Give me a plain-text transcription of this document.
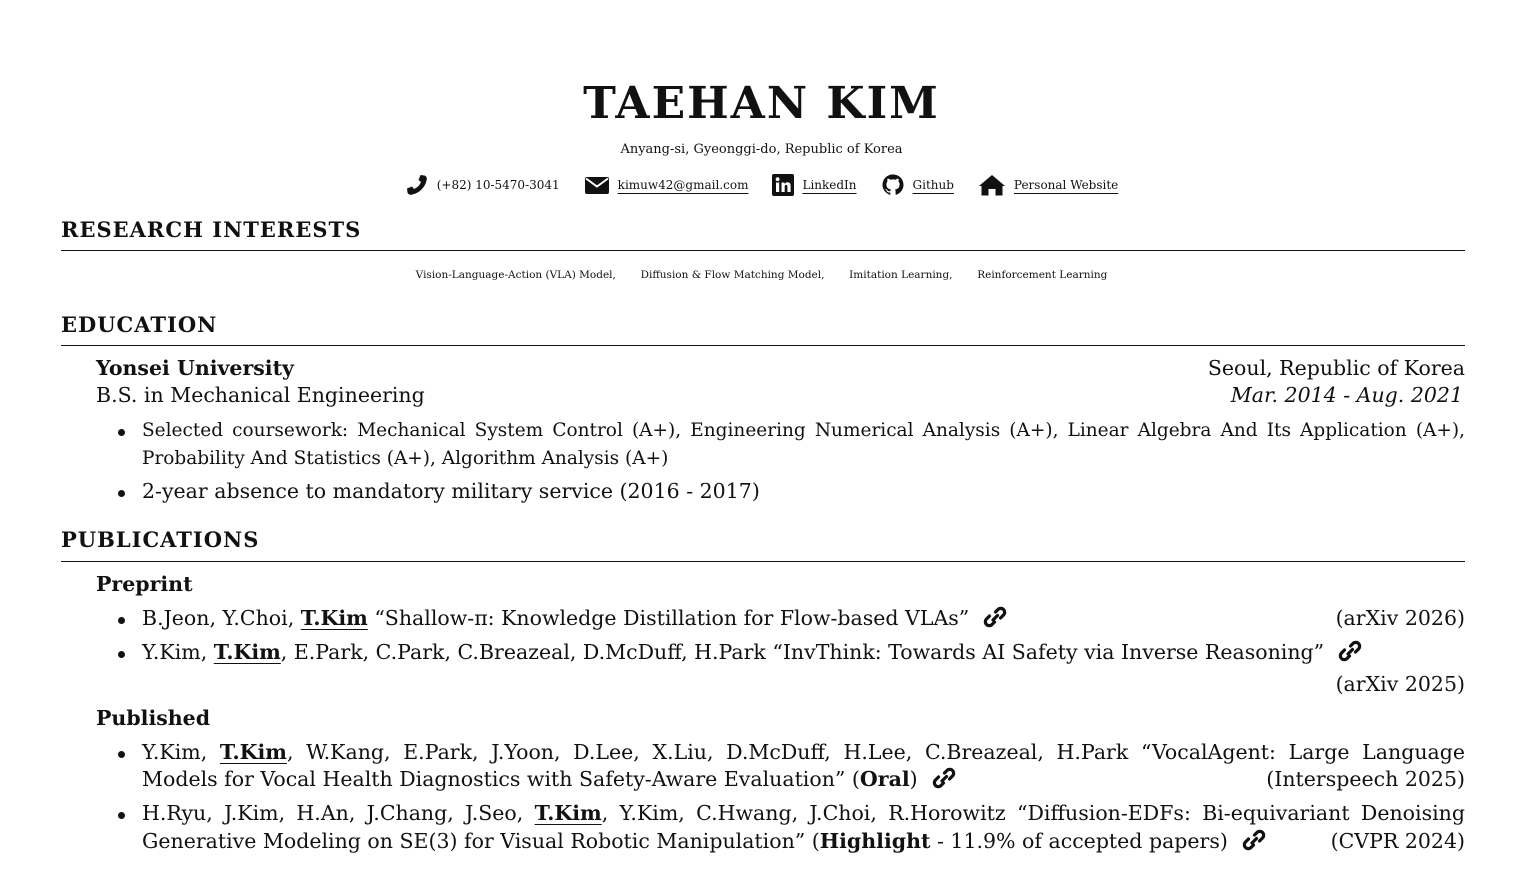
TAEHAN KIM
Anyang-si, Gyeonggi-do, Republic of Korea
(+82) 10-5470-3041	kimuw42@gmail.com	LinkedIn	Github	Personal Website
RESEARCH INTERESTS
Vision-Language-Action (VLA) Model, Diffusion & Flow Matching Model, Imitation Learning, Reinforcement Learning
EDUCATION
Yonsei University	Seoul, Republic of Korea
B.S. in Mechanical Engineering	Mar. 2014 - Aug. 2021
Selected coursework: Mechanical System Control (A+), Engineering Numerical Analysis (A+), Linear Algebra And Its Application (A+),
Probability And Statistics (A+), Algorithm Analysis (A+)
2-year absence to mandatory military service (2016 - 2017)
PUBLICATIONS
Preprint
B.Jeon, Y.Choi, T.Kim “Shallow-π: Knowledge Distillation for Flow-based VLAs”	(arXiv 2026)
Y.Kim, T.Kim, E.Park, C.Park, C.Breazeal, D.McDuff, H.Park “InvThink: Towards AI Safety via Inverse Reasoning”
(arXiv 2025)
Published
Y.Kim, T.Kim, W.Kang, E.Park, J.Yoon, D.Lee, X.Liu, D.McDuff, H.Lee, C.Breazeal, H.Park “VocalAgent: Large Language
Models for Vocal Health Diagnostics with Safety-Aware Evaluation” (Oral)	(Interspeech 2025)
H.Ryu, J.Kim, H.An, J.Chang, J.Seo, T.Kim, Y.Kim, C.Hwang, J.Choi, R.Horowitz “Diffusion-EDFs: Bi-equivariant Denoising
Generative Modeling on SE(3) for Visual Robotic Manipulation” (Highlight - 11.9% of accepted papers)	(CVPR 2024)
